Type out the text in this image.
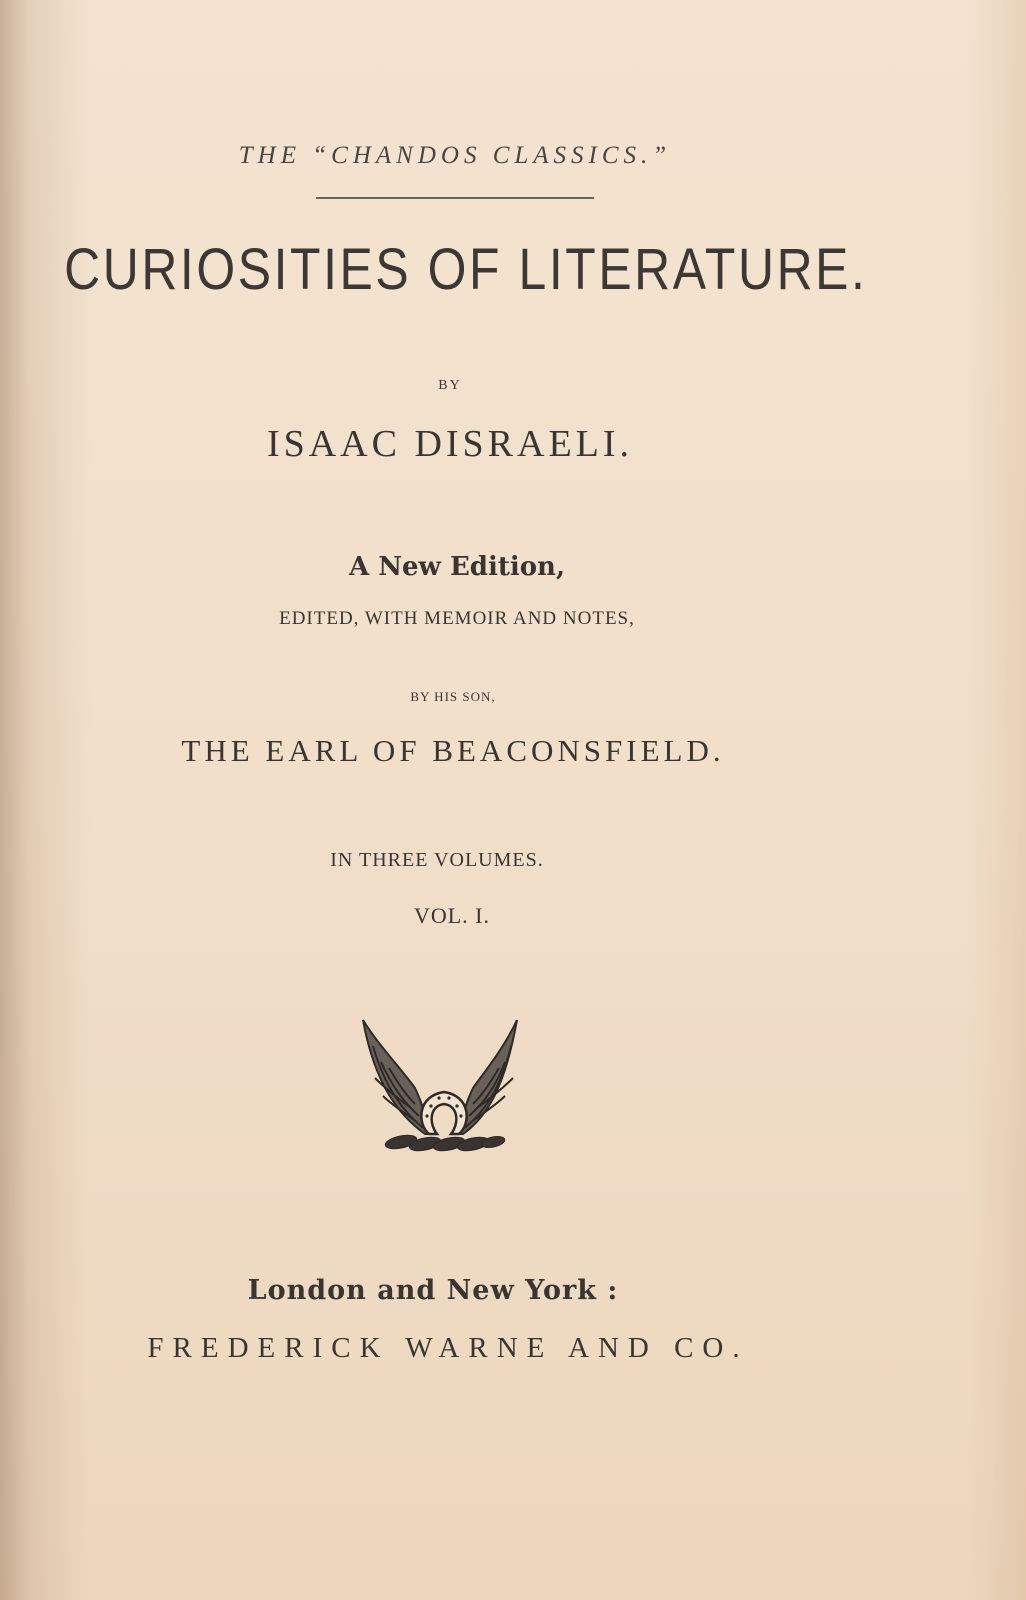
THE “CHANDOS CLASSICS.”
CURIOSITIES OF LITERATURE.
BY
ISAAC DISRAELI.
A New Edition,
EDITED, WITH MEMOIR AND NOTES,
BY HIS SON,
THE EARL OF BEACONSFIELD.
IN THREE VOLUMES.
VOL. I.
London and New York :
FREDERICK WARNE AND CO.
